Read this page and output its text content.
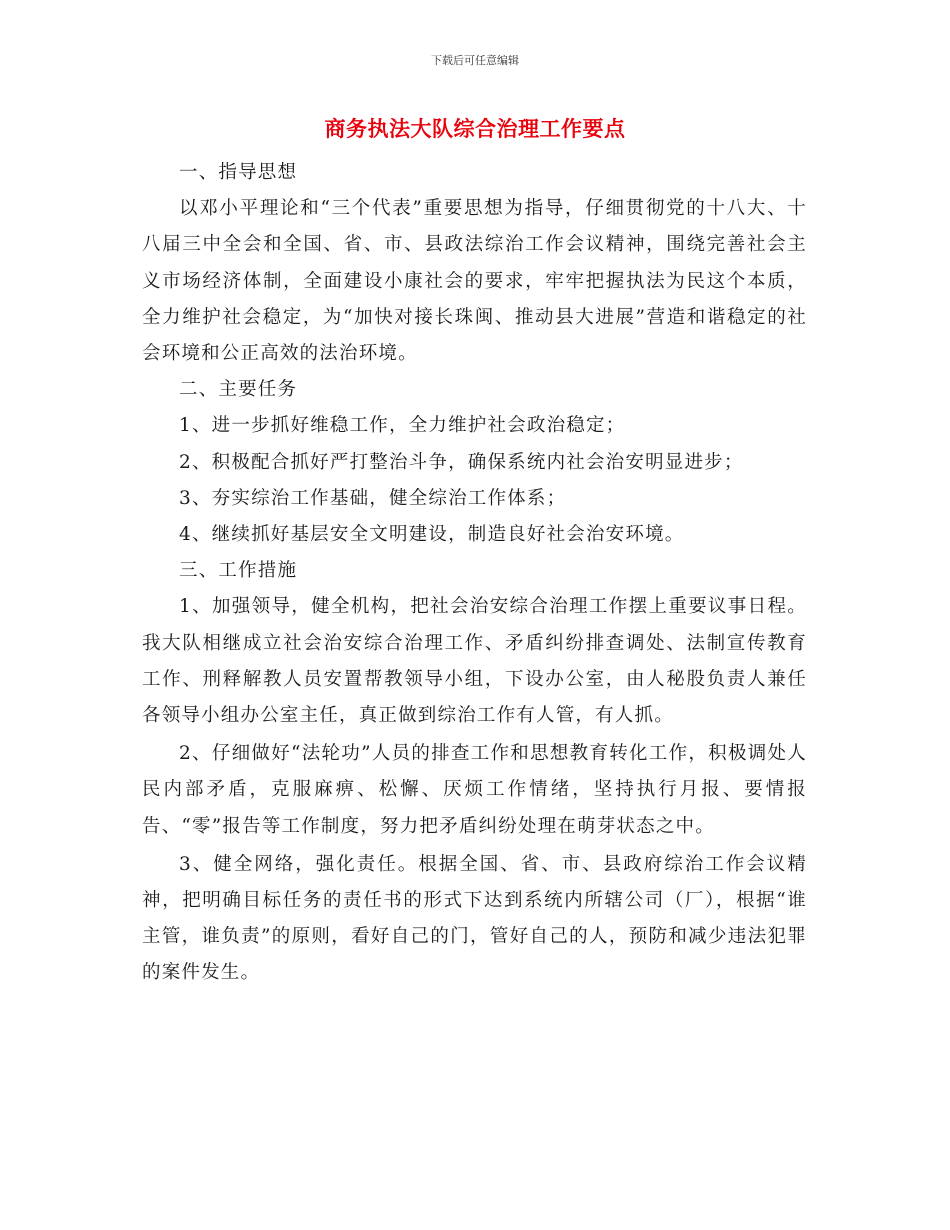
下载后可任意编辑
商务执法大队综合治理工作要点

一、指导思想

以邓小平理论和“三个代表”重要思想为指导，仔细贯彻党的十八大、十八届三中全会和全国、省、市、县政法综治工作会议精神，围绕完善社会主义市场经济体制，全面建设小康社会的要求，牢牢把握执法为民这个本质，全力维护社会稳定，为“加快对接长珠闽、推动县大进展”营造和谐稳定的社会环境和公正高效的法治环境。

二、主要任务

1、进一步抓好维稳工作，全力维护社会政治稳定；

2、积极配合抓好严打整治斗争，确保系统内社会治安明显进步；

3、夯实综治工作基础，健全综治工作体系；

4、继续抓好基层安全文明建设，制造良好社会治安环境。

三、工作措施

1、加强领导，健全机构，把社会治安综合治理工作摆上重要议事日程。我大队相继成立社会治安综合治理工作、矛盾纠纷排查调处、法制宣传教育工作、刑释解教人员安置帮教领导小组，下设办公室，由人秘股负责人兼任各领导小组办公室主任，真正做到综治工作有人管，有人抓。

2、仔细做好“法轮功”人员的排查工作和思想教育转化工作，积极调处人民内部矛盾，克服麻痹、松懈、厌烦工作情绪，坚持执行月报、要情报告、“零”报告等工作制度，努力把矛盾纠纷处理在萌芽状态之中。

3、健全网络，强化责任。根据全国、省、市、县政府综治工作会议精神，把明确目标任务的责任书的形式下达到系统内所辖公司（厂），根据“谁主管，谁负责”的原则，看好自己的门，管好自己的人，预防和减少违法犯罪的案件发生。
